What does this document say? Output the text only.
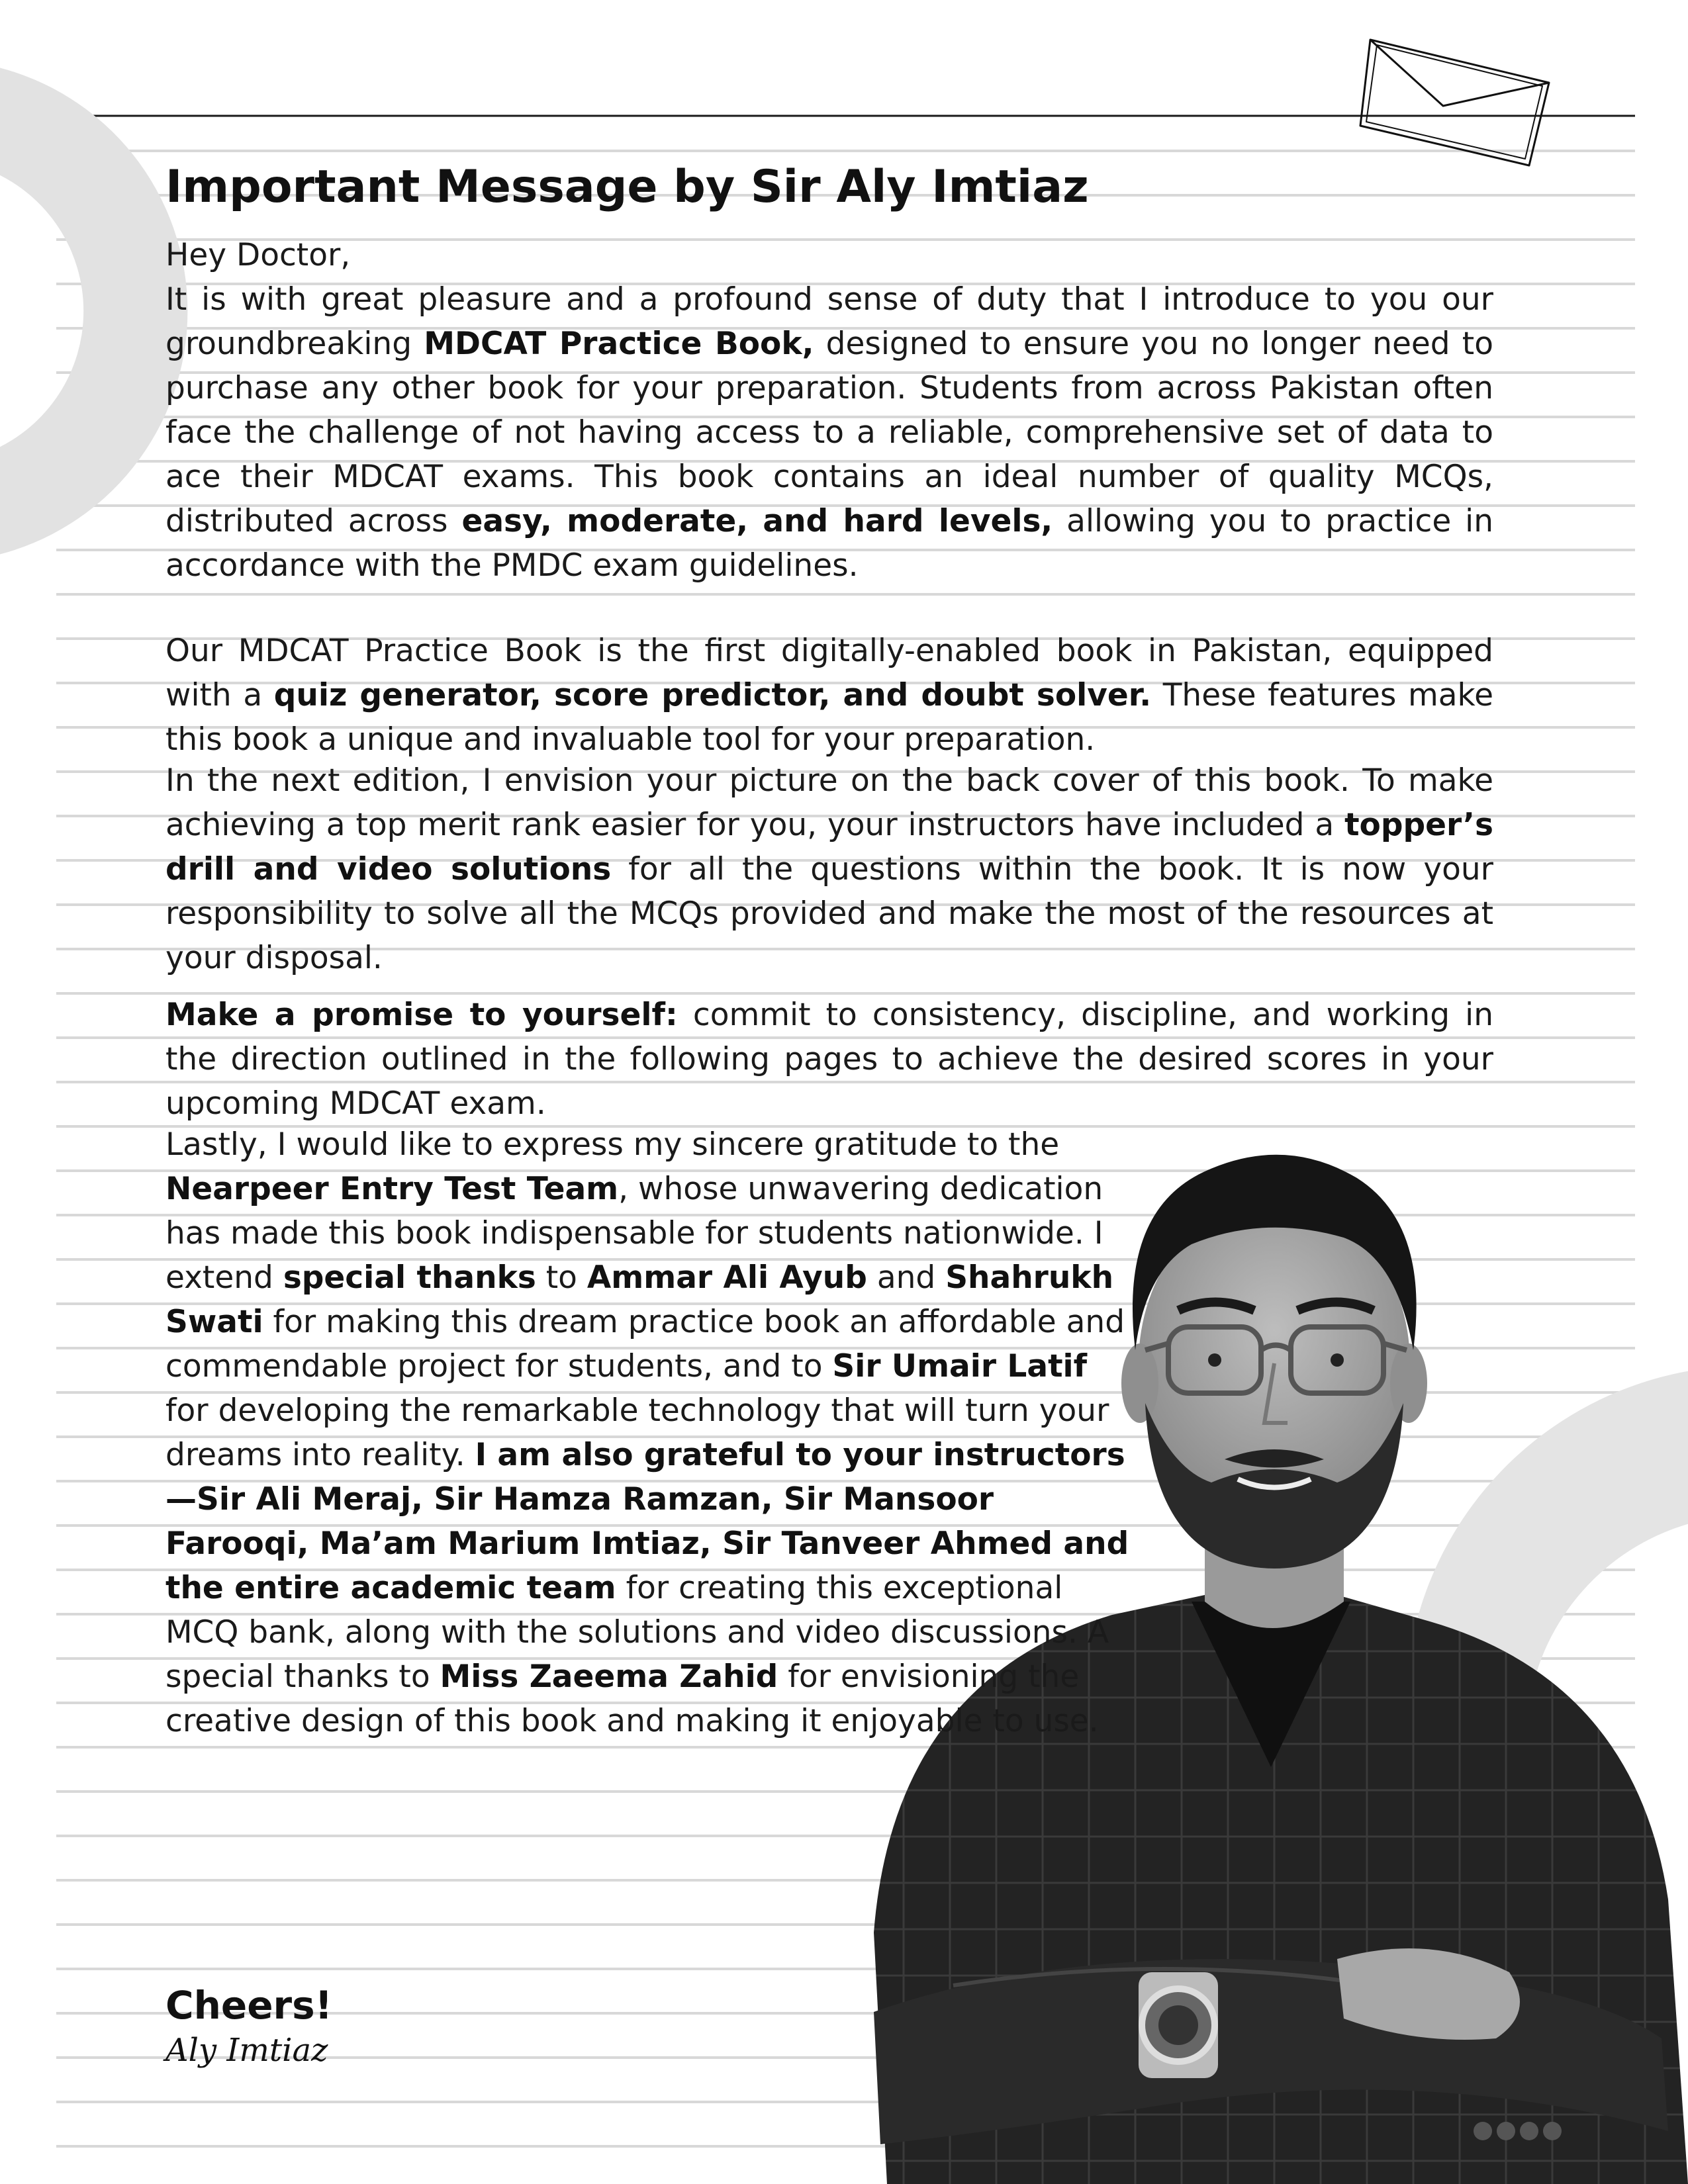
Important Message by Sir Aly Imtiaz

Hey Doctor,
It is with great pleasure and a profound sense of duty that I introduce to you our groundbreaking MDCAT Practice Book, designed to ensure you no longer need to purchase any other book for your preparation. Students from across Pakistan often face the challenge of not having access to a reliable, comprehensive set of data to ace their MDCAT exams. This book contains an ideal number of quality MCQs, distributed across easy, moderate, and hard levels, allowing you to practice in accordance with the PMDC exam guidelines.

Our MDCAT Practice Book is the first digitally-enabled book in Pakistan, equipped with a quiz generator, score predictor, and doubt solver. These features make this book a unique and invaluable tool for your preparation.

In the next edition, I envision your picture on the back cover of this book. To make achieving a top merit rank easier for you, your instructors have included a topper’s drill and video solutions for all the questions within the book. It is now your responsibility to solve all the MCQs provided and make the most of the resources at your disposal.

Make a promise to yourself: commit to consistency, discipline, and working in the direction outlined in the following pages to achieve the desired scores in your upcoming MDCAT exam.

Lastly, I would like to express my sincere gratitude to the Nearpeer Entry Test Team, whose unwavering dedication has made this book indispensable for students nationwide. I extend special thanks to Ammar Ali Ayub and Shahrukh Swati for making this dream practice book an affordable and commendable project for students, and to Sir Umair Latif for developing the remarkable technology that will turn your dreams into reality. I am also grateful to your instructors—Sir Ali Meraj, Sir Hamza Ramzan, Sir Mansoor Farooqi, Ma’am Marium Imtiaz, Sir Tanveer Ahmed and the entire academic team for creating this exceptional MCQ bank, along with the solutions and video discussions. A special thanks to Miss Zaeema Zahid for envisioning the creative design of this book and making it enjoyable to use.

Cheers!

Aly Imtiaz
